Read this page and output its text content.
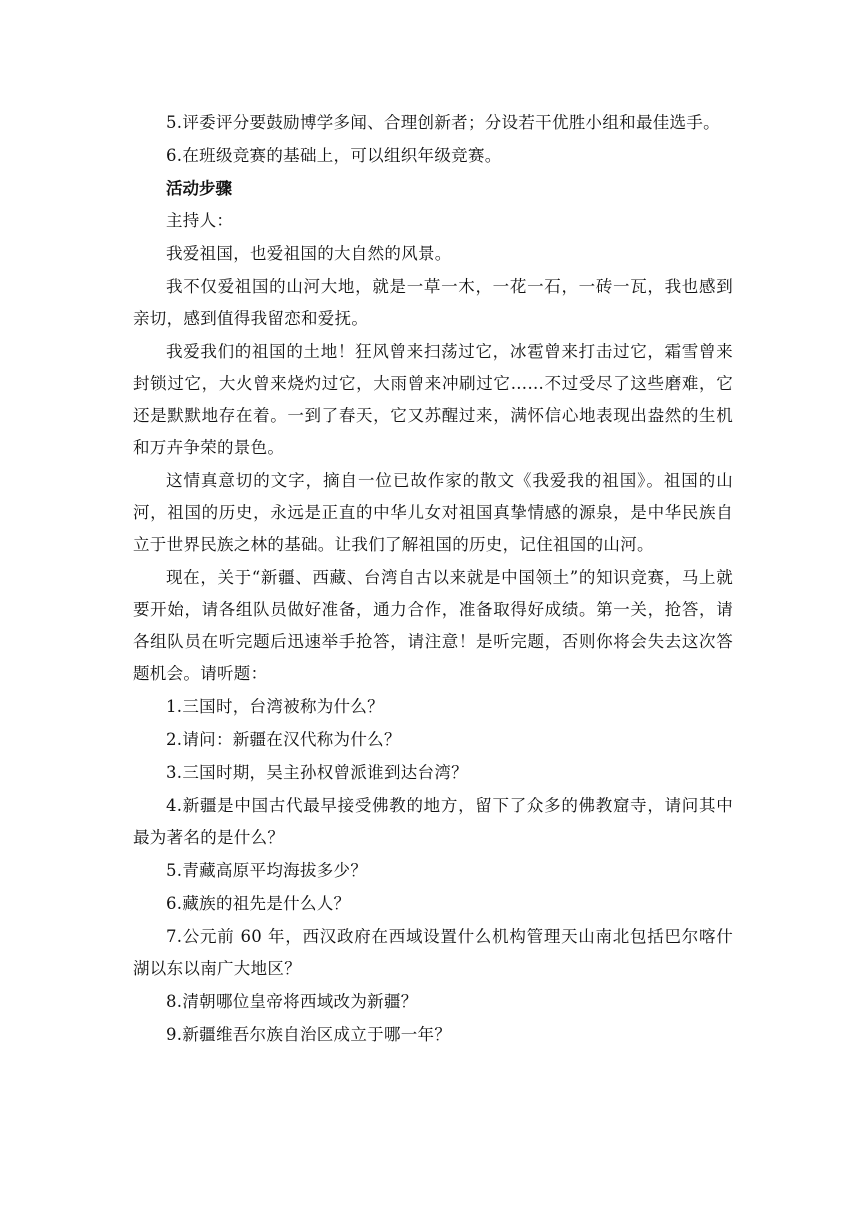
5.评委评分要鼓励博学多闻、合理创新者；分设若干优胜小组和最佳选手。

6.在班级竞赛的基础上，可以组织年级竞赛。

活动步骤

主持人：

我爱祖国，也爱祖国的大自然的风景。

我不仅爱祖国的山河大地，就是一草一木，一花一石，一砖一瓦，我也感到亲切，感到值得我留恋和爱抚。

我爱我们的祖国的土地！狂风曾来扫荡过它，冰雹曾来打击过它，霜雪曾来封锁过它，大火曾来烧灼过它，大雨曾来冲刷过它……不过受尽了这些磨难，它还是默默地存在着。一到了春天，它又苏醒过来，满怀信心地表现出盎然的生机和万卉争荣的景色。

这情真意切的文字，摘自一位已故作家的散文《我爱我的祖国》。祖国的山河，祖国的历史，永远是正直的中华儿女对祖国真挚情感的源泉，是中华民族自立于世界民族之林的基础。让我们了解祖国的历史，记住祖国的山河。

现在，关于“新疆、西藏、台湾自古以来就是中国领土”的知识竞赛，马上就要开始，请各组队员做好准备，通力合作，准备取得好成绩。第一关，抢答，请各组队员在听完题后迅速举手抢答，请注意！是听完题，否则你将会失去这次答题机会。请听题：

1.三国时，台湾被称为什么？

2.请问：新疆在汉代称为什么？

3.三国时期，吴主孙权曾派谁到达台湾？

4.新疆是中国古代最早接受佛教的地方，留下了众多的佛教窟寺，请问其中最为著名的是什么？

5.青藏高原平均海拔多少？

6.藏族的祖先是什么人？

7.公元前 60 年，西汉政府在西域设置什么机构管理天山南北包括巴尔喀什湖以东以南广大地区？

8.清朝哪位皇帝将西域改为新疆？

9.新疆维吾尔族自治区成立于哪一年？
